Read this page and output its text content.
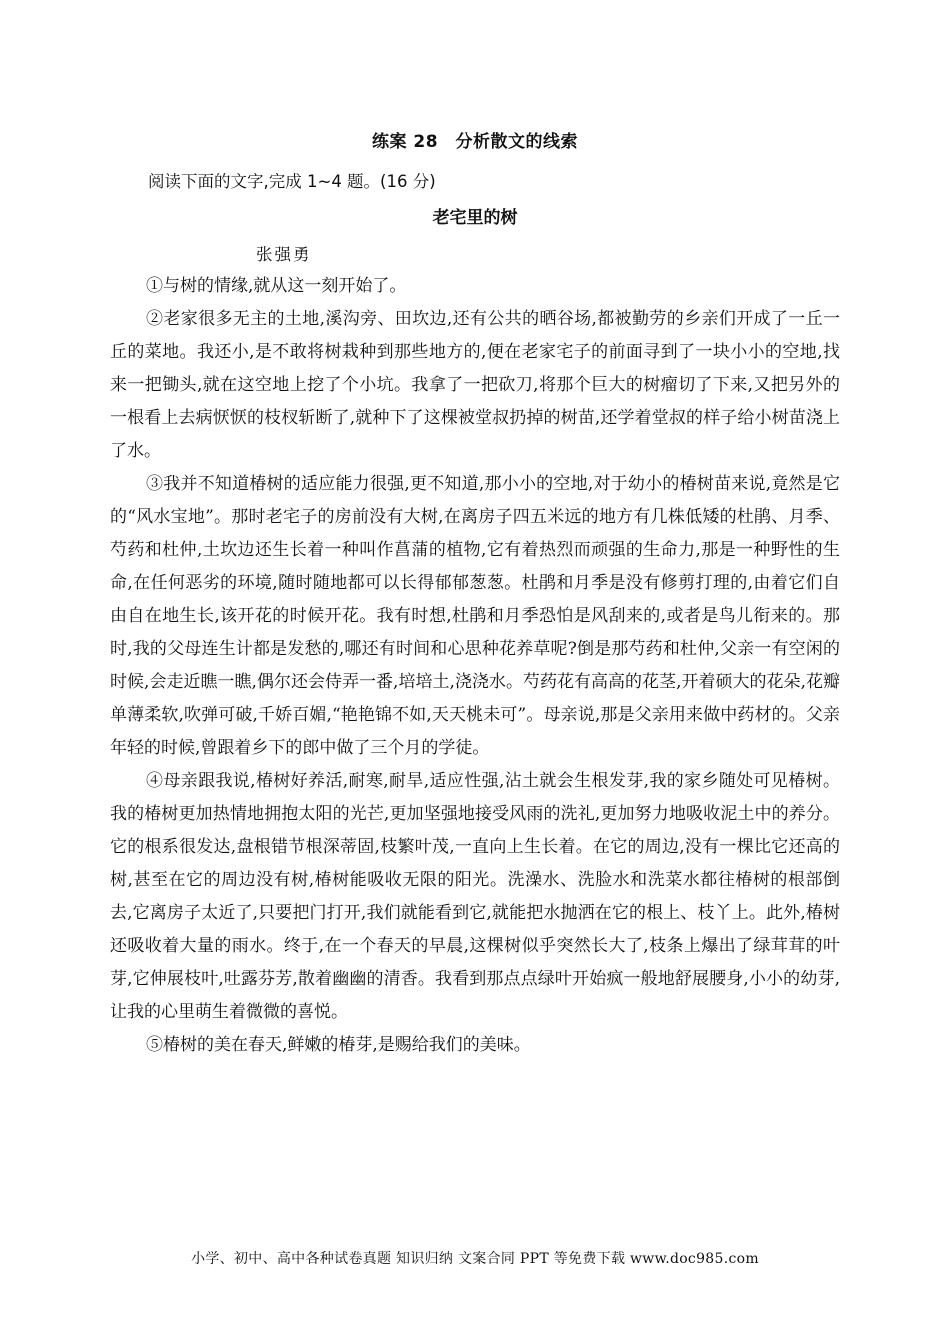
练案 28　分析散文的线索
阅读下面的文字,完成 1~4 题。(16 分)
老宅里的树
张强勇

①与树的情缘,就从这一刻开始了。

②老家很多无主的土地,溪沟旁、田坎边,还有公共的晒谷场,都被勤劳的乡亲们开成了一丘一丘的菜地。我还小,是不敢将树栽种到那些地方的,便在老家宅子的前面寻到了一块小小的空地,找来一把锄头,就在这空地上挖了个小坑。我拿了一把砍刀,将那个巨大的树瘤切了下来,又把另外的一根看上去病恹恹的枝杈斩断了,就种下了这棵被堂叔扔掉的树苗,还学着堂叔的样子给小树苗浇上了水。

③我并不知道椿树的适应能力很强,更不知道,那小小的空地,对于幼小的椿树苗来说,竟然是它的“风水宝地”。那时老宅子的房前没有大树,在离房子四五米远的地方有几株低矮的杜鹃、月季、芍药和杜仲,土坎边还生长着一种叫作菖蒲的植物,它有着热烈而顽强的生命力,那是一种野性的生命,在任何恶劣的环境,随时随地都可以长得郁郁葱葱。杜鹃和月季是没有修剪打理的,由着它们自由自在地生长,该开花的时候开花。我有时想,杜鹃和月季恐怕是风刮来的,或者是鸟儿衔来的。那时,我的父母连生计都是发愁的,哪还有时间和心思种花养草呢?倒是那芍药和杜仲,父亲一有空闲的时候,会走近瞧一瞧,偶尔还会侍弄一番,培培土,浇浇水。芍药花有高高的花茎,开着硕大的花朵,花瓣单薄柔软,吹弹可破,千娇百媚,“艳艳锦不如,天天桃未可”。母亲说,那是父亲用来做中药材的。父亲年轻的时候,曾跟着乡下的郎中做了三个月的学徒。

④母亲跟我说,椿树好养活,耐寒,耐旱,适应性强,沾土就会生根发芽,我的家乡随处可见椿树。我的椿树更加热情地拥抱太阳的光芒,更加坚强地接受风雨的洗礼,更加努力地吸收泥土中的养分。它的根系很发达,盘根错节根深蒂固,枝繁叶茂,一直向上生长着。在它的周边,没有一棵比它还高的树,甚至在它的周边没有树,椿树能吸收无限的阳光。洗澡水、洗脸水和洗菜水都往椿树的根部倒去,它离房子太近了,只要把门打开,我们就能看到它,就能把水抛洒在它的根上、枝丫上。此外,椿树还吸收着大量的雨水。终于,在一个春天的早晨,这棵树似乎突然长大了,枝条上爆出了绿茸茸的叶芽,它伸展枝叶,吐露芬芳,散着幽幽的清香。我看到那点点绿叶开始疯一般地舒展腰身,小小的幼芽,让我的心里萌生着微微的喜悦。

⑤椿树的美在春天,鲜嫩的椿芽,是赐给我们的美味。

小学、初中、高中各种试卷真题 知识归纳 文案合同 PPT 等免费下载 www.doc985.com
